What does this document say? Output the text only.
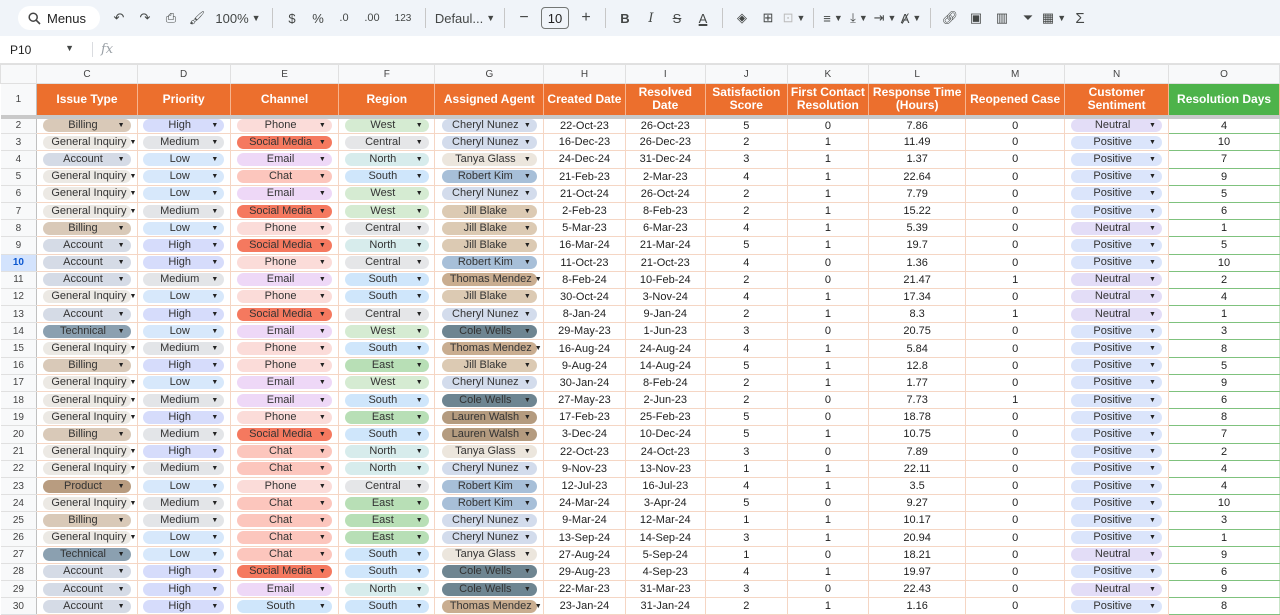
Menus	↶	↷	⎙ 🖌︎ 100% ▼	$	%	.0	.00	123	Defaul... ▼	−	10	+	B	I	S	A	◈	⊞ ⊡ ▼ ≡ ▼ ⤓ ▼ ⇥ ▼ Ⱥ ▼	🔗︎ ▣	▥	⏷ ▦ ▼ Σ
P10	▼	fx
	C	D	E	F	G	H	I	J	K	L	M	N	O
1	Issue Type	Priority	Channel	Region	Assigned Agent	Created Date	Resolved Date	Satisfaction Score	First Contact Resolution	Response Time (Hours)	Reopened Case	Customer Sentiment	Resolution Days
2	Billing ▼	High ▼	Phone ▼	West ▼	Cheryl Nunez ▼	22-Oct-23	26-Oct-23	5	0	7.86	0	Neutral ▼	4
3	General Inquiry ▼	Medium ▼	Social Media ▼	Central ▼	Cheryl Nunez ▼	16-Dec-23	26-Dec-23	2	1	11.49	0	Positive ▼	10
4	Account ▼	Low ▼	Email ▼	North ▼	Tanya Glass ▼	24-Dec-24	31-Dec-24	3	1	1.37	0	Positive ▼	7
5	General Inquiry ▼	Low ▼	Chat ▼	South ▼	Robert Kim ▼	21-Feb-23	2-Mar-23	4	1	22.64	0	Positive ▼	9
6	General Inquiry ▼	Low ▼	Email ▼	West ▼	Cheryl Nunez ▼	21-Oct-24	26-Oct-24	2	1	7.79	0	Positive ▼	5
7	General Inquiry ▼	Medium ▼	Social Media ▼	West ▼	Jill Blake ▼	2-Feb-23	8-Feb-23	2	1	15.22	0	Positive ▼	6
8	Billing ▼	Low ▼	Phone ▼	Central ▼	Jill Blake ▼	5-Mar-23	6-Mar-23	4	1	5.39	0	Neutral ▼	1
9	Account ▼	High ▼	Social Media ▼	North ▼	Jill Blake ▼	16-Mar-24	21-Mar-24	5	1	19.7	0	Positive ▼	5
10	Account ▼	High ▼	Phone ▼	Central ▼	Robert Kim ▼	11-Oct-23	21-Oct-23	4	0	1.36	0	Positive ▼	10
11	Account ▼	Medium ▼	Email ▼	South ▼	Thomas Mendez ▼	8-Feb-24	10-Feb-24	2	0	21.47	1	Neutral ▼	2
12	General Inquiry ▼	Low ▼	Phone ▼	South ▼	Jill Blake ▼	30-Oct-24	3-Nov-24	4	1	17.34	0	Neutral ▼	4
13	Account ▼	High ▼	Social Media ▼	Central ▼	Cheryl Nunez ▼	8-Jan-24	9-Jan-24	2	1	8.3	1	Neutral ▼	1
14	Technical ▼	Low ▼	Email ▼	West ▼	Cole Wells ▼	29-May-23	1-Jun-23	3	0	20.75	0	Positive ▼	3
15	General Inquiry ▼	Medium ▼	Phone ▼	South ▼	Thomas Mendez ▼	16-Aug-24	24-Aug-24	4	1	5.84	0	Positive ▼	8
16	Billing ▼	High ▼	Phone ▼	East ▼	Jill Blake ▼	9-Aug-24	14-Aug-24	5	1	12.8	0	Positive ▼	5
17	General Inquiry ▼	Low ▼	Email ▼	West ▼	Cheryl Nunez ▼	30-Jan-24	8-Feb-24	2	1	1.77	0	Positive ▼	9
18	General Inquiry ▼	Medium ▼	Email ▼	South ▼	Cole Wells ▼	27-May-23	2-Jun-23	2	0	7.73	1	Positive ▼	6
19	General Inquiry ▼	High ▼	Phone ▼	East ▼	Lauren Walsh ▼	17-Feb-23	25-Feb-23	5	0	18.78	0	Positive ▼	8
20	Billing ▼	Medium ▼	Social Media ▼	South ▼	Lauren Walsh ▼	3-Dec-24	10-Dec-24	5	1	10.75	0	Positive ▼	7
21	General Inquiry ▼	High ▼	Chat ▼	North ▼	Tanya Glass ▼	22-Oct-23	24-Oct-23	3	0	7.89	0	Positive ▼	2
22	General Inquiry ▼	Medium ▼	Chat ▼	North ▼	Cheryl Nunez ▼	9-Nov-23	13-Nov-23	1	1	22.11	0	Positive ▼	4
23	Product ▼	Low ▼	Phone ▼	Central ▼	Robert Kim ▼	12-Jul-23	16-Jul-23	4	1	3.5	0	Positive ▼	4
24	General Inquiry ▼	Medium ▼	Chat ▼	East ▼	Robert Kim ▼	24-Mar-24	3-Apr-24	5	0	9.27	0	Positive ▼	10
25	Billing ▼	Medium ▼	Chat ▼	East ▼	Cheryl Nunez ▼	9-Mar-24	12-Mar-24	1	1	10.17	0	Positive ▼	3
26	General Inquiry ▼	Low ▼	Chat ▼	East ▼	Cheryl Nunez ▼	13-Sep-24	14-Sep-24	3	1	20.94	0	Positive ▼	1
27	Technical ▼	Low ▼	Chat ▼	South ▼	Tanya Glass ▼	27-Aug-24	5-Sep-24	1	0	18.21	0	Neutral ▼	9
28	Account ▼	High ▼	Social Media ▼	South ▼	Cole Wells ▼	29-Aug-23	4-Sep-23	4	1	19.97	0	Positive ▼	6
29	Account ▼	High ▼	Email ▼	North ▼	Cole Wells ▼	22-Mar-23	31-Mar-23	3	0	22.43	0	Neutral ▼	9
30	Account ▼	High ▼	South ▼	South ▼	Thomas Mendez ▼	23-Jan-24	31-Jan-24	2	1	1.16	0	Positive ▼	8
